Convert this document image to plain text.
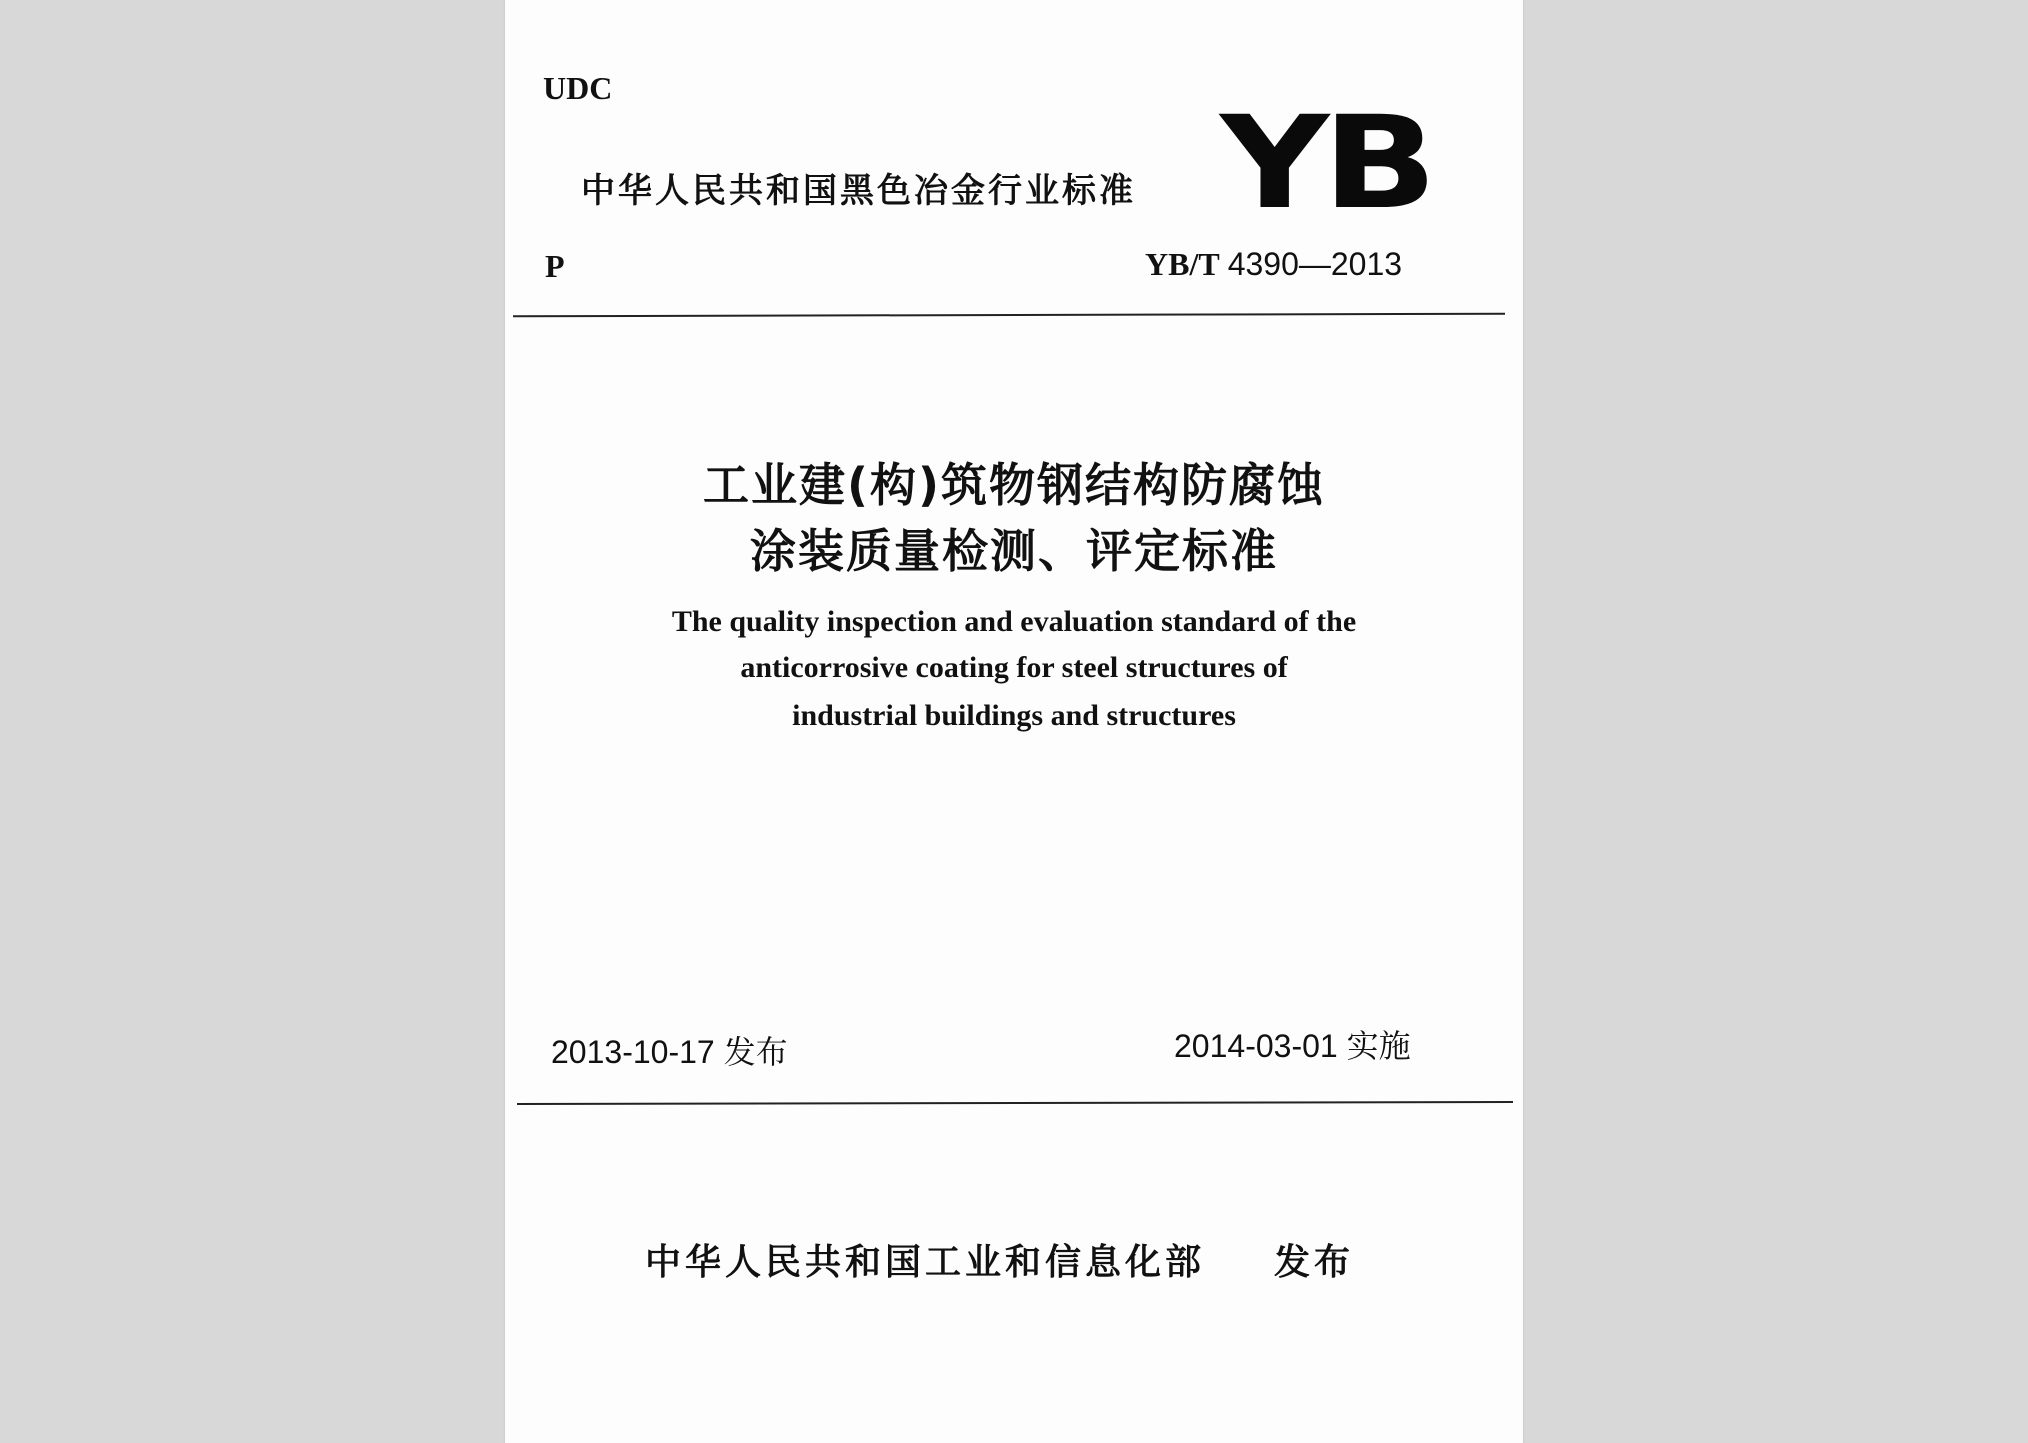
UDC
中华人民共和国黑色冶金行业标准 YB
P	YB/T 4390—2013
工业建(构)筑物钢结构防腐蚀
涂装质量检测、评定标准
The quality inspection and evaluation standard of the
anticorrosive coating for steel structures of
industrial buildings and structures
2013-10-17 发布	2014-03-01 实施
中华人民共和国工业和信息化部 发布
